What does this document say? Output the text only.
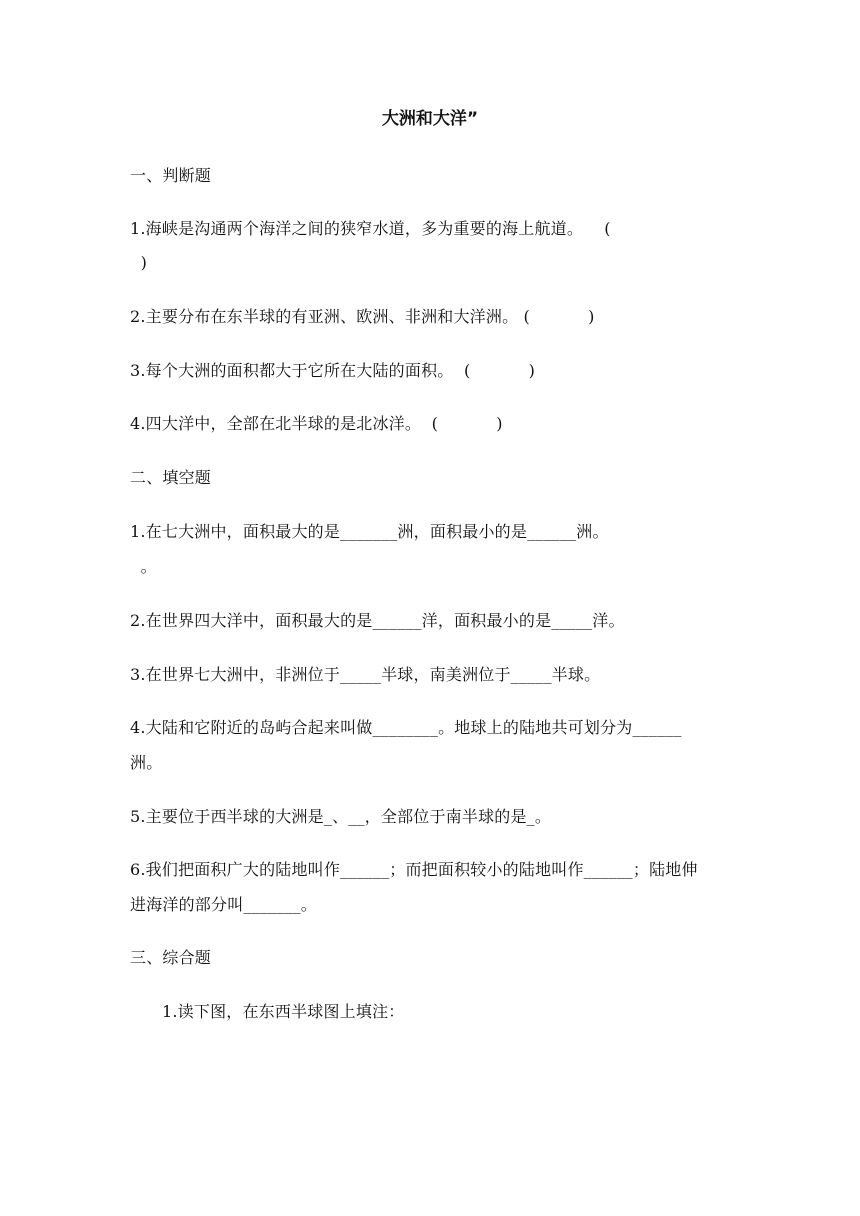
大洲和大洋”
一、判断题
1.海峡是沟通两个海洋之间的狭窄水道，多为重要的海上航道。    (
)
2.主要分布在东半球的有亚洲、欧洲、非洲和大洋洲。 (           )
3.每个大洲的面积都大于它所在大陆的面积。  (           )
4.四大洋中，全部在北半球的是北冰洋。  (           )
二、填空题
1.在七大洲中，面积最大的是_______洲，面积最小的是______洲。
。
2.在世界四大洋中，面积最大的是______洋，面积最小的是_____洋。
3.在世界七大洲中，非洲位于_____半球，南美洲位于_____半球。
4.大陆和它附近的岛屿合起来叫做________。地球上的陆地共可划分为______
洲。
5.主要位于西半球的大洲是_、__，全部位于南半球的是_。
6.我们把面积广大的陆地叫作______；而把面积较小的陆地叫作______；陆地伸
进海洋的部分叫_______。
三、综合题
1.读下图，在东西半球图上填注：
